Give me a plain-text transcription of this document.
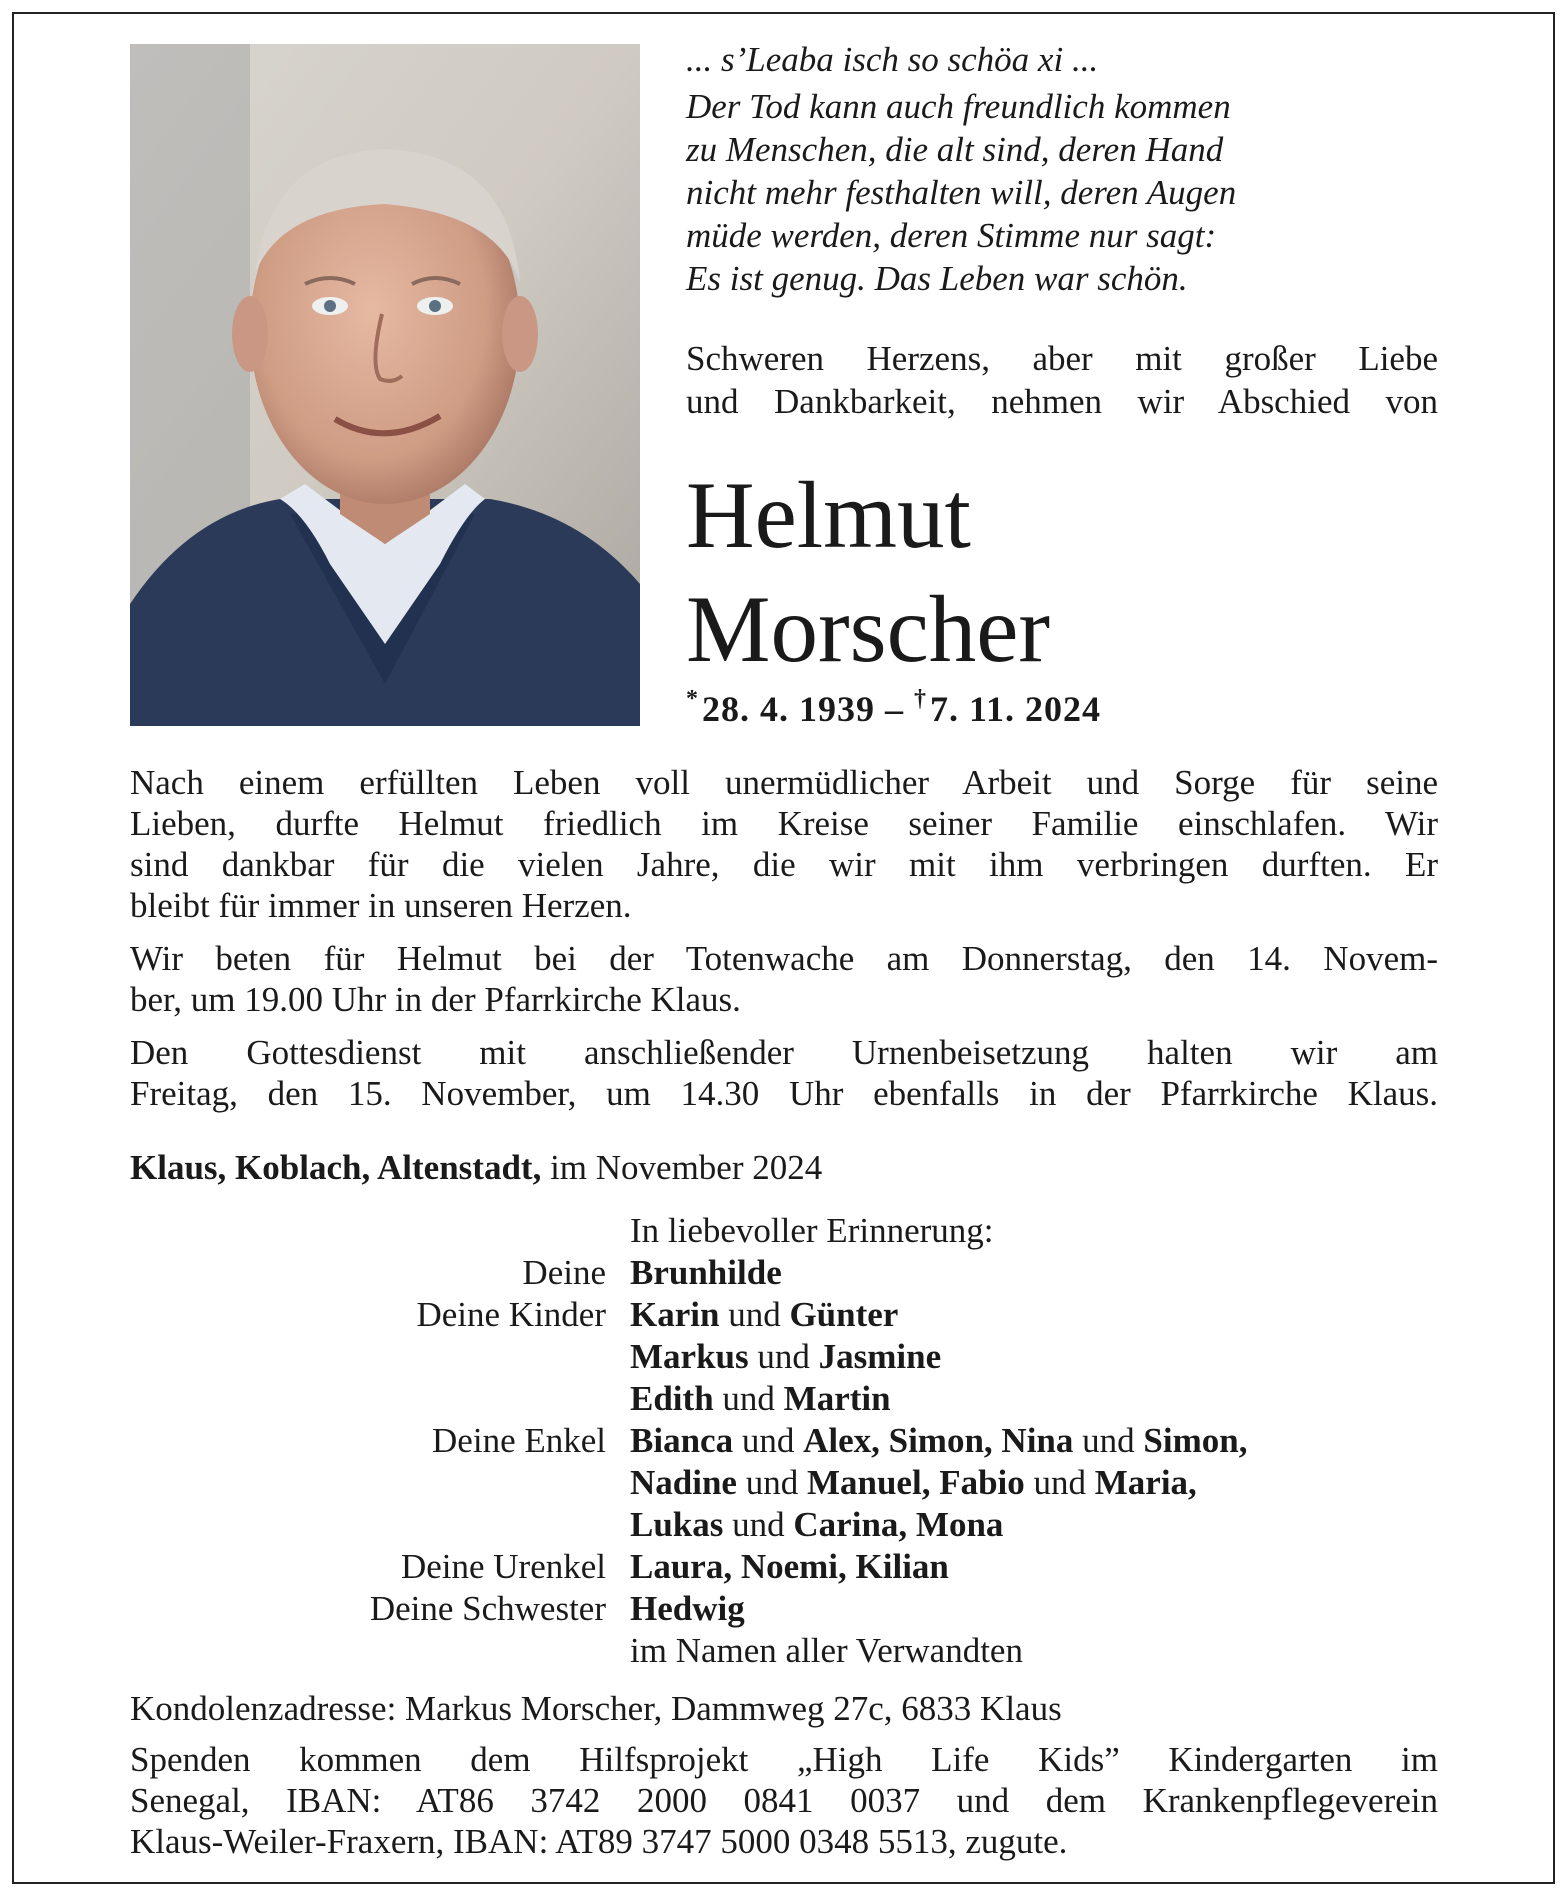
... s’Leaba isch so schöa xi ...

Der Tod kann auch freundlich kommen

zu Menschen, die alt sind, deren Hand

nicht mehr festhalten will, deren Augen

müde werden, deren Stimme nur sagt:

Es ist genug. Das Leben war schön.

Schweren Herzens, aber mit großer Liebe
und Dankbarkeit, nehmen wir Abschied von
Helmut
Morscher
*28. 4. 1939 – †7. 11. 2024
Nach einem erfüllten Leben voll unermüdlicher Arbeit und Sorge für seine
Lieben, durfte Helmut friedlich im Kreise seiner Familie einschlafen. Wir
sind dankbar für die vielen Jahre, die wir mit ihm verbringen durften. Er
bleibt für immer in unseren Herzen.
Wir beten für Helmut bei der Totenwache am Donnerstag, den 14. Novem-
ber, um 19.00 Uhr in der Pfarrkirche Klaus.
Den Gottesdienst mit anschließender Urnenbeisetzung halten wir am
Freitag, den 15. November, um 14.30 Uhr ebenfalls in der Pfarrkirche Klaus.
Klaus, Koblach, Altenstadt, im November 2024
In liebevoller Erinnerung:
Deine Brunhilde
Deine Kinder Karin und Günter
Markus und Jasmine
Edith und Martin
Deine Enkel Bianca und Alex, Simon, Nina und Simon,
Nadine und Manuel, Fabio und Maria,
Lukas und Carina, Mona
Deine Urenkel Laura, Noemi, Kilian
Deine Schwester Hedwig
im Namen aller Verwandten
Kondolenzadresse: Markus Morscher, Dammweg 27c, 6833 Klaus
Spenden kommen dem Hilfsprojekt „High Life Kids” Kindergarten im
Senegal, IBAN: AT86 3742 2000 0841 0037 und dem Krankenpflegeverein
Klaus-Weiler-Fraxern, IBAN: AT89 3747 5000 0348 5513, zugute.
